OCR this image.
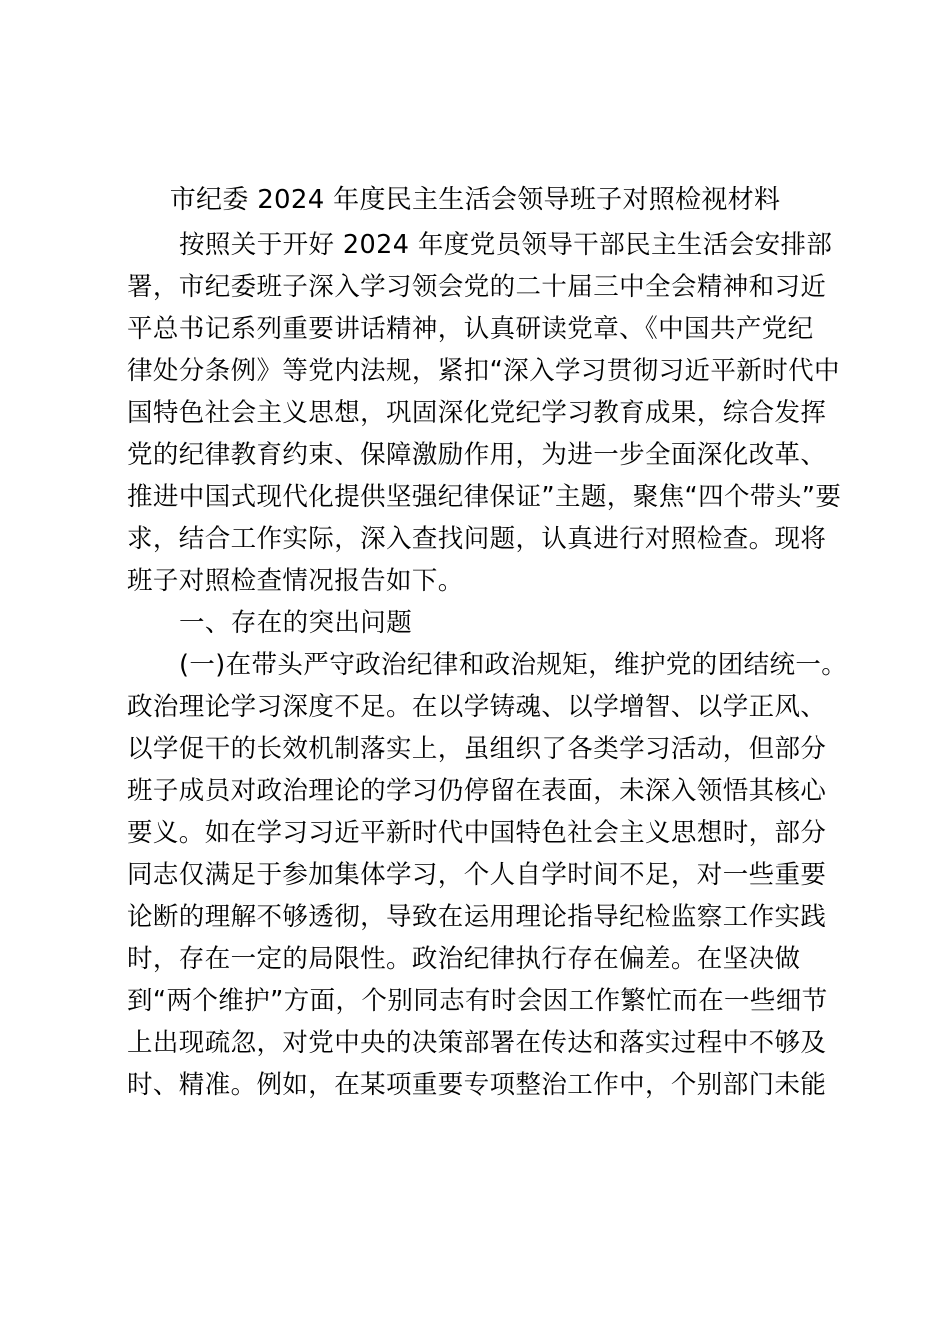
市纪委 2024 年度民主生活会领导班子对照检视材料
按照关于开好 2024 年度党员领导干部民主生活会安排部
署，市纪委班子深入学习领会党的二十届三中全会精神和习近
平总书记系列重要讲话精神，认真研读党章、《中国共产党纪
律处分条例》等党内法规，紧扣“深入学习贯彻习近平新时代中
国特色社会主义思想，巩固深化党纪学习教育成果，综合发挥
党的纪律教育约束、保障激励作用，为进一步全面深化改革、
推进中国式现代化提供坚强纪律保证”主题，聚焦“四个带头”要
求，结合工作实际，深入查找问题，认真进行对照检查。现将
班子对照检查情况报告如下。
一、存在的突出问题
(一)在带头严守政治纪律和政治规矩，维护党的团结统一。
政治理论学习深度不足。在以学铸魂、以学增智、以学正风、
以学促干的长效机制落实上，虽组织了各类学习活动，但部分
班子成员对政治理论的学习仍停留在表面，未深入领悟其核心
要义。如在学习习近平新时代中国特色社会主义思想时，部分
同志仅满足于参加集体学习，个人自学时间不足，对一些重要
论断的理解不够透彻，导致在运用理论指导纪检监察工作实践
时，存在一定的局限性。政治纪律执行存在偏差。在坚决做
到“两个维护”方面，个别同志有时会因工作繁忙而在一些细节
上出现疏忽，对党中央的决策部署在传达和落实过程中不够及
时、精准。例如，在某项重要专项整治工作中，个别部门未能
